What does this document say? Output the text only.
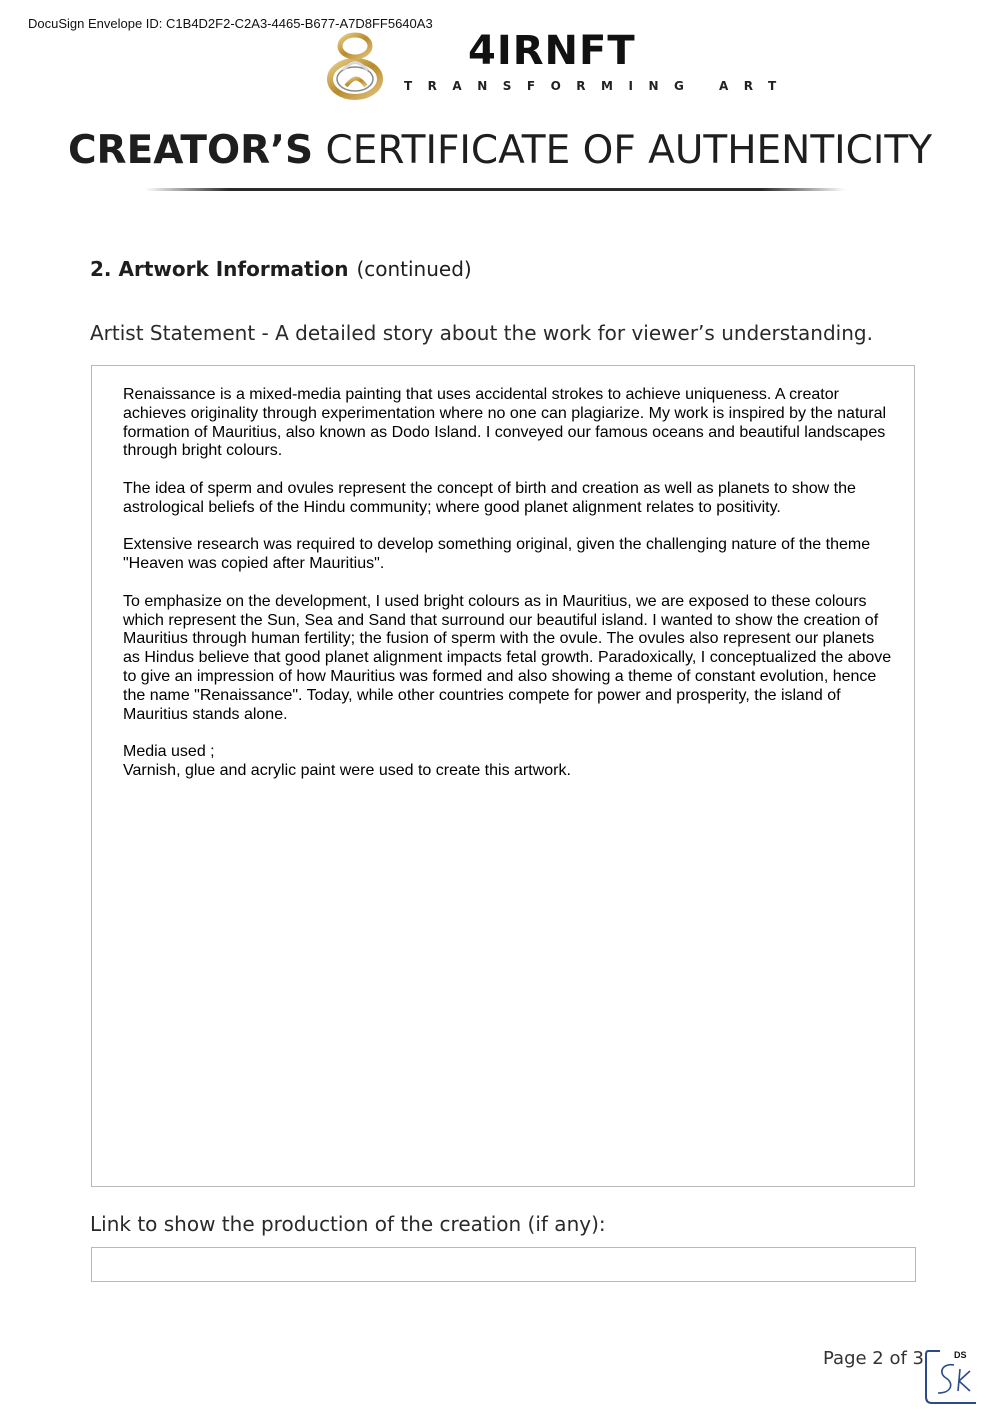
DocuSign Envelope ID: C1B4D2F2-C2A3-4465-B677-A7D8FF5640A3
4IRNFT
TRANSFORMING ART
CREATOR’S CERTIFICATE OF AUTHENTICITY
2. Artwork Information (continued)
Artist Statement - A detailed story about the work for viewer’s understanding.

Renaissance is a mixed-media painting that uses accidental strokes to achieve uniqueness. A creator achieves originality through experimentation where no one can plagiarize. My work is inspired by the natural formation of Mauritius, also known as Dodo Island. I conveyed our famous oceans and beautiful landscapes through bright colours.

The idea of sperm and ovules represent the concept of birth and creation as well as planets to show the astrological beliefs of the Hindu community; where good planet alignment relates to positivity.

Extensive research was required to develop something original, given the challenging nature of the theme "Heaven was copied after Mauritius".

To emphasize on the development, I used bright colours as in Mauritius, we are exposed to these colours which represent the Sun, Sea and Sand that surround our beautiful island. I wanted to show the creation of Mauritius through human fertility; the fusion of sperm with the ovule. The ovules also represent our planets as Hindus believe that good planet alignment impacts fetal growth. Paradoxically, I conceptualized the above to give an impression of how Mauritius was formed and also showing a theme of constant evolution, hence the name "Renaissance". Today, while other countries compete for power and prosperity, the island of Mauritius stands alone.

Media used ;
Varnish, glue and acrylic paint were used to create this artwork.
Link to show the production of the creation (if any):
Page 2 of 3	DS
